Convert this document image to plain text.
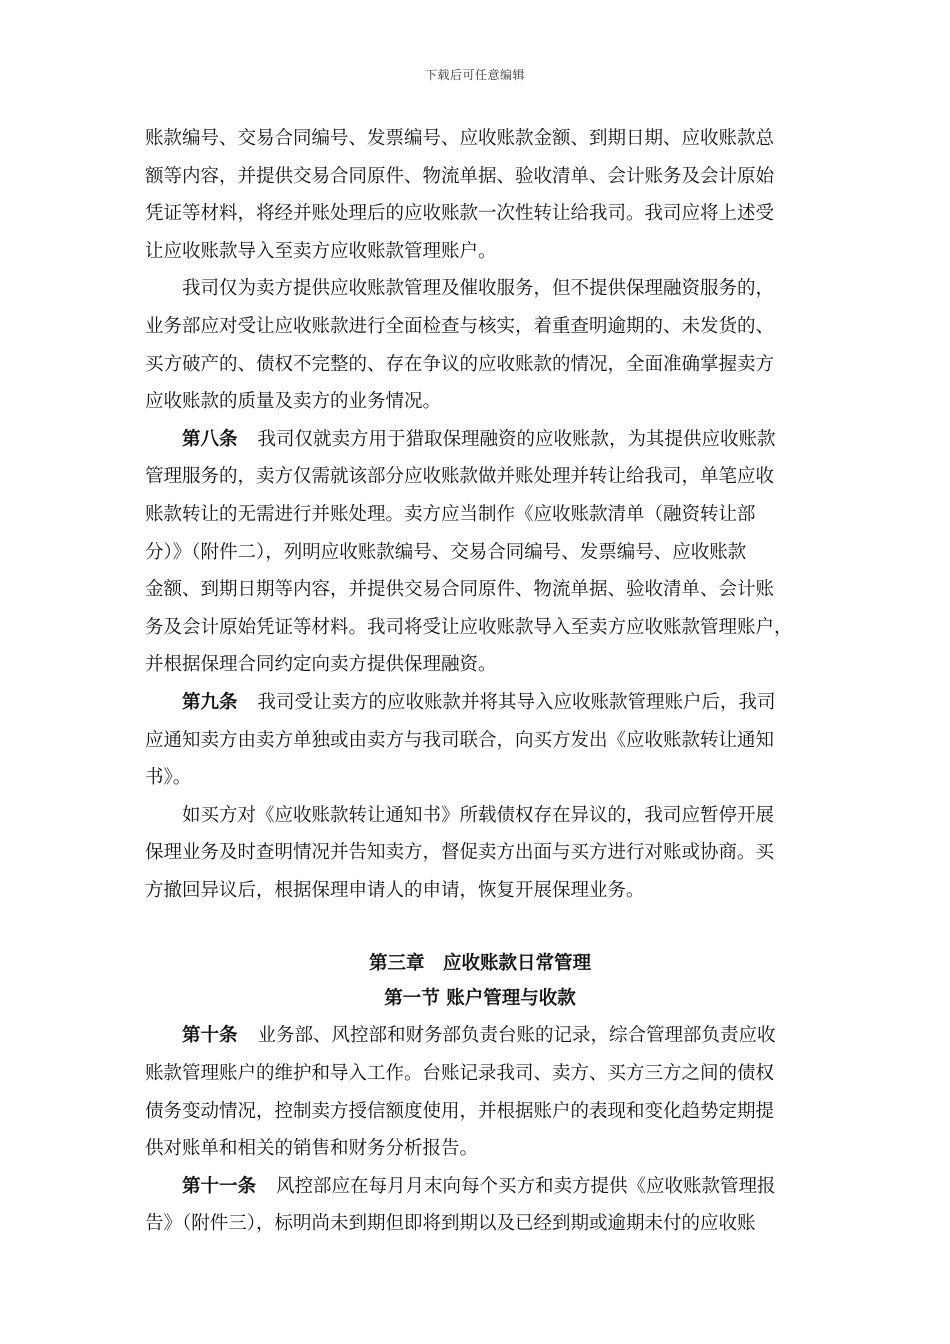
下载后可任意编辑
账款编号、交易合同编号、发票编号、应收账款金额、到期日期、应收账款总
额等内容，并提供交易合同原件、物流单据、验收清单、会计账务及会计原始
凭证等材料，将经并账处理后的应收账款一次性转让给我司。我司应将上述受
让应收账款导入至卖方应收账款管理账户。
我司仅为卖方提供应收账款管理及催收服务，但不提供保理融资服务的，
业务部应对受让应收账款进行全面检查与核实，着重查明逾期的、未发货的、
买方破产的、债权不完整的、存在争议的应收账款的情况，全面准确掌握卖方
应收账款的质量及卖方的业务情况。
第八条 我司仅就卖方用于猎取保理融资的应收账款，为其提供应收账款
管理服务的，卖方仅需就该部分应收账款做并账处理并转让给我司，单笔应收
账款转让的无需进行并账处理。卖方应当制作《应收账款清单（融资转让部
分）》（附件二），列明应收账款编号、交易合同编号、发票编号、应收账款
金额、到期日期等内容，并提供交易合同原件、物流单据、验收清单、会计账
务及会计原始凭证等材料。我司将受让应收账款导入至卖方应收账款管理账户，
并根据保理合同约定向卖方提供保理融资。
第九条 我司受让卖方的应收账款并将其导入应收账款管理账户后，我司
应通知卖方由卖方单独或由卖方与我司联合，向买方发出《应收账款转让通知
书》。
如买方对《应收账款转让通知书》所载债权存在异议的，我司应暂停开展
保理业务及时查明情况并告知卖方，督促卖方出面与买方进行对账或协商。买
方撤回异议后，根据保理申请人的申请，恢复开展保理业务。
第三章　应收账款日常管理
第一节 账户管理与收款
第十条 业务部、风控部和财务部负责台账的记录，综合管理部负责应收
账款管理账户的维护和导入工作。台账记录我司、卖方、买方三方之间的债权
债务变动情况，控制卖方授信额度使用，并根据账户的表现和变化趋势定期提
供对账单和相关的销售和财务分析报告。
第十一条 风控部应在每月月末向每个买方和卖方提供《应收账款管理报
告》（附件三），标明尚未到期但即将到期以及已经到期或逾期未付的应收账
